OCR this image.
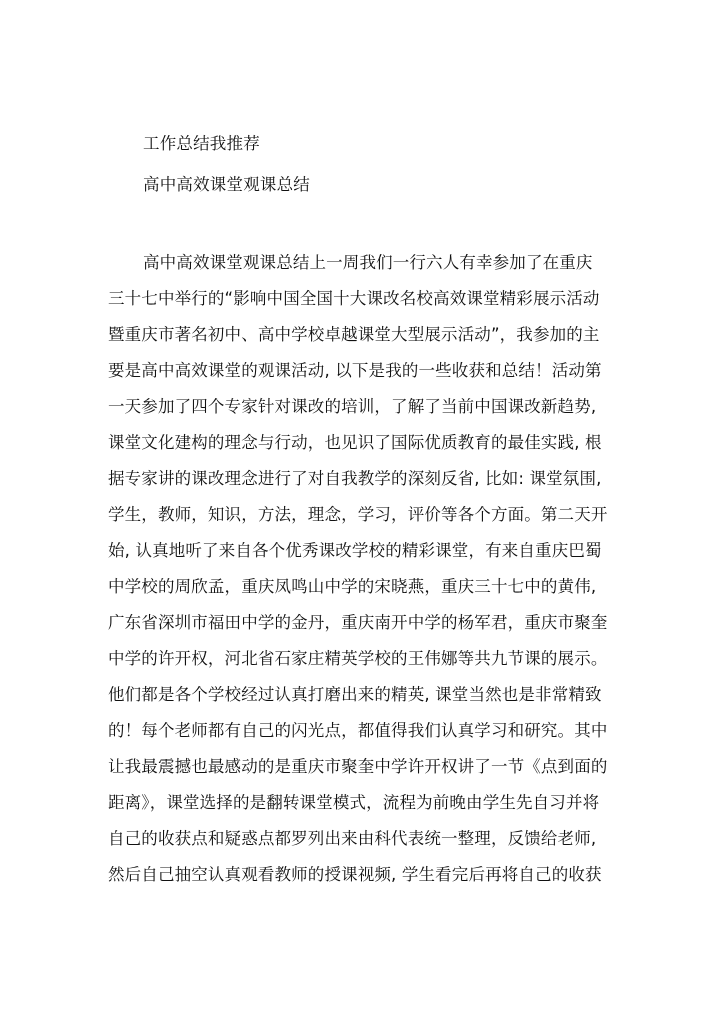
工作总结我推荐
高中高效课堂观课总结
高中高效课堂观课总结上一周我们一行六人有幸参加了在重庆
三十七中举行的“影响中国全国十大课改名校高效课堂精彩展示活动
暨重庆市著名初中、高中学校卓越课堂大型展示活动”，我参加的主
要是高中高效课堂的观课活动, 以下是我的一些收获和总结！活动第
一天参加了四个专家针对课改的培训，了解了当前中国课改新趋势,
课堂文化建构的理念与行动，也见识了国际优质教育的最佳实践, 根
据专家讲的课改理念进行了对自我教学的深刻反省, 比如: 课堂氛围,
学生，教师，知识，方法，理念，学习，评价等各个方面。第二天开
始, 认真地听了来自各个优秀课改学校的精彩课堂，有来自重庆巴蜀
中学校的周欣孟，重庆凤鸣山中学的宋晓燕，重庆三十七中的黄伟,
广东省深圳市福田中学的金丹，重庆南开中学的杨军君，重庆市聚奎
中学的许开权，河北省石家庄精英学校的王伟娜等共九节课的展示。
他们都是各个学校经过认真打磨出来的精英, 课堂当然也是非常精致
的！每个老师都有自己的闪光点，都值得我们认真学习和研究。其中
让我最震撼也最感动的是重庆市聚奎中学许开权讲了一节《点到面的
距离》，课堂选择的是翻转课堂模式，流程为前晚由学生先自习并将
自己的收获点和疑惑点都罗列出来由科代表统一整理，反馈给老师,
然后自己抽空认真观看教师的授课视频, 学生看完后再将自己的收获
